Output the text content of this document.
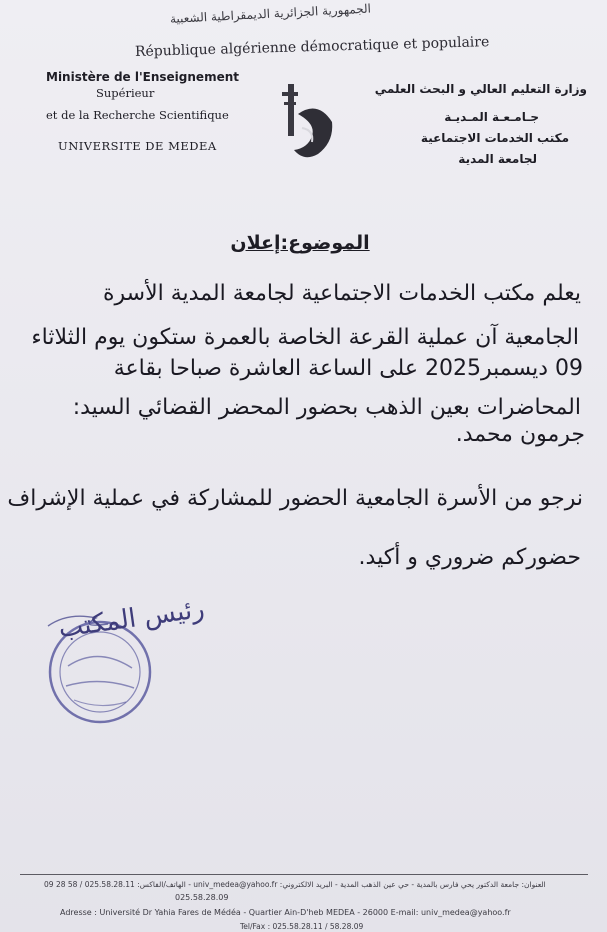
الجمهورية الجزائرية الديمقراطية الشعبية
République algérienne démocratique et populaire
Ministère de l'Enseignement
Supérieur
et de la Recherche Scientifique
UNIVERSITE DE MEDEA
وزارة التعليم العالي و البحث العلمي
جـامـعـة المـديـة
مكتب الخدمات الاجتماعية
لجامعة المدية
الموضوع:إعلان
يعلم مكتب الخدمات الاجتماعية لجامعة المدية الأسرة
الجامعية آن عملية القرعة الخاصة بالعمرة ستكون يوم الثلاثاء
09 ديسمبر2025 على الساعة العاشرة صباحا بقاعة
المحاضرات بعين الذهب بحضور المحضر القضائي السيد:
جرمون محمد.
نرجو من الأسرة الجامعية الحضور للمشاركة في عملية الإشراف
حضوركم ضروري و أكيد.
رئيس المكتب
العنوان: جامعة الدكتور يحي فارس بالمدية - حي عين الذهب المدية - البريد الالكتروني: univ_medea@yahoo.fr - الهاتف/الفاكس: 025.58.28.11 / 58 28 09
025.58.28.09
Adresse : Université Dr Yahia Fares de Médéa - Quartier Ain-D'heb MEDEA - 26000 E-mail: univ_medea@yahoo.fr
Tel/Fax : 025.58.28.11 / 58.28.09
